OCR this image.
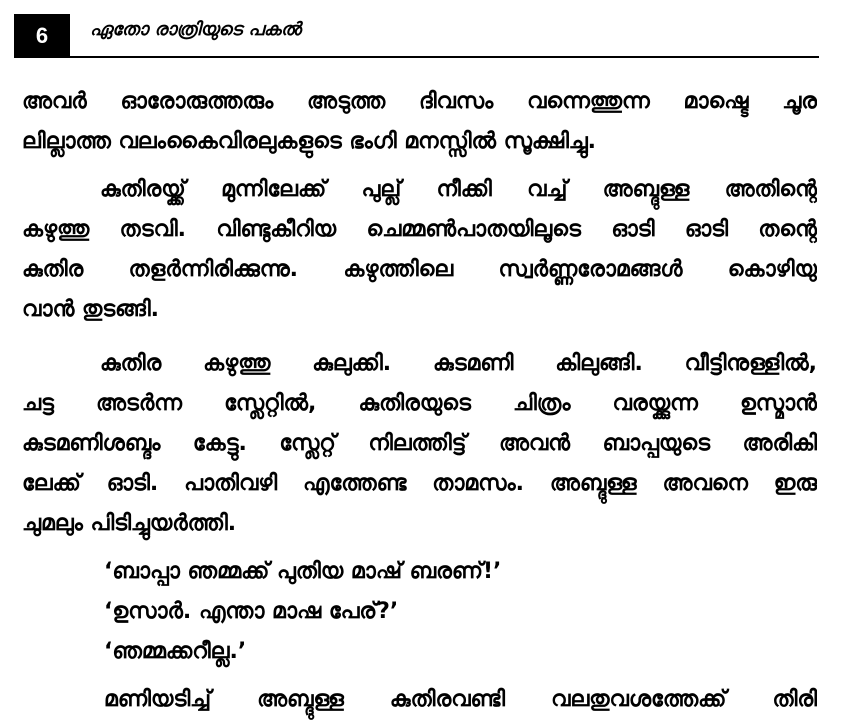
6	ഏതോ രാത്രിയുടെ പകൽ
അവർ ഓരോരുത്തരും അടുത്ത ദിവസം വന്നെത്തുന്ന മാഷ്ടെ ചൂര
ലില്ലാത്ത വലംകൈവിരലുകളുടെ ഭംഗി മനസ്സിൽ സൂക്ഷിച്ചു.
കുതിരയ്ക്ക് മുന്നിലേക്ക് പുല്ല് നീക്കി വച്ച് അബ്ദുള്ള അതിന്റെ
കഴുത്തു തടവി. വിണ്ടുകീറിയ ചെമ്മൺപാതയിലൂടെ ഓടി ഓടി തന്റെ
കുതിര തളർന്നിരിക്കുന്നു. കഴുത്തിലെ സ്വർണ്ണരോമങ്ങൾ കൊഴിയു
വാൻ തുടങ്ങി.
കുതിര കഴുത്തു കുലുക്കി. കുടമണി കിലുങ്ങി. വീട്ടിനുള്ളിൽ,
ചട്ട അടർന്ന സ്ലേറ്റിൽ, കുതിരയുടെ ചിത്രം വരയ്ക്കുന്ന ഉസ്മാൻ
കുടമണിശബ്ദം കേട്ടു. സ്ലേറ്റ് നിലത്തിട്ട് അവൻ ബാപ്പയുടെ അരികി
ലേക്ക് ഓടി. പാതിവഴി എത്തേണ്ട താമസം. അബ്ദുള്ള അവനെ ഇരു
ചുമലും പിടിച്ചുയർത്തി.
‘ബാപ്പാ ഞമ്മക്ക് പുതിയ മാഷ് ബരണ്!’
‘ഉസാർ. എന്താ മാഷ പേര്?’
‘ഞമ്മക്കറീല്ല.’
മണിയടിച്ച് അബ്ദുള്ള കുതിരവണ്ടി വലതുവശത്തേക്ക് തിരി
